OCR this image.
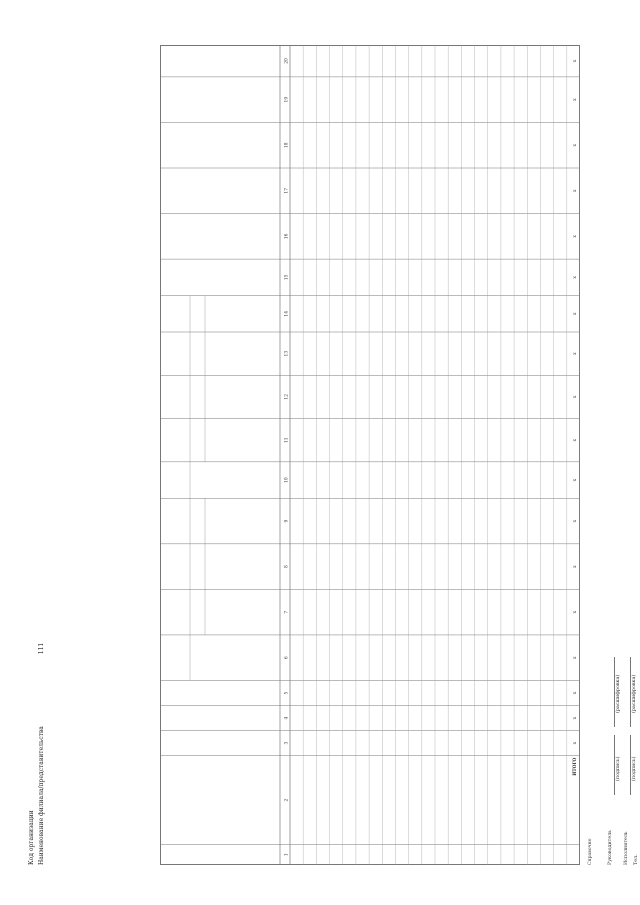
Код организации Наименование филиала/представительства 111
1
2
3
4
5
6
7
8
9
10
11
12
13
14
15
16
17
18
19
20
ИТОГО
x
x
x
x
x
x
x
x
x
x
x
x
x
x
x
x
x
x
Справочно	Руководитель
(подпись)
(расшифровка)
Исполнитель
(подпись)
(расшифровка)
Тел.
